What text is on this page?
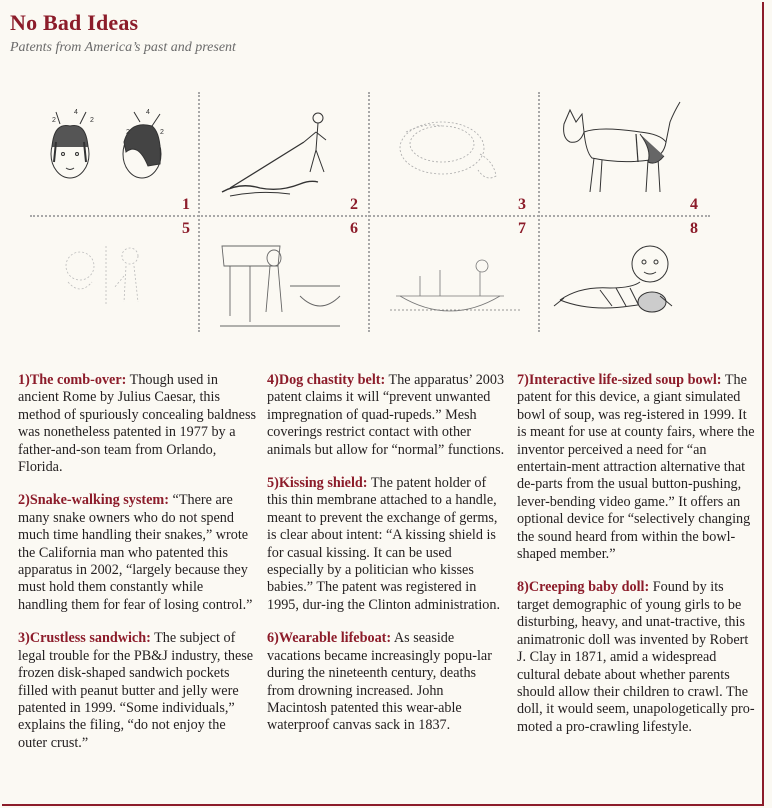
No Bad Ideas
Patents from America’s past and present
2
4
2
2
4
2
1	2	3	4
5	6	7	8

1)The comb-over: Though used in ancient Rome by Julius Caesar, this method of spuriously concealing baldness was nonetheless patented in 1977 by a father-and-son team from Orlando, Florida.

2)Snake-walking system: “There are many snake owners who do not spend much time handling their snakes,” wrote the California man who patented this apparatus in 2002, “largely because they must hold them constantly while handling them for fear of losing control.”

3)Crustless sandwich: The subject of legal trouble for the PB&J industry, these frozen disk-shaped sandwich pockets filled with peanut butter and jelly were patented in 1999. “Some individuals,” explains the filing, “do not enjoy the outer crust.”

4)Dog chastity belt: The apparatus’ 2003 patent claims it will “prevent unwanted impregnation of quad-rupeds.” Mesh coverings restrict contact with other animals but allow for “normal” functions.

5)Kissing shield: The patent holder of this thin membrane attached to a handle, meant to prevent the exchange of germs, is clear about intent: “A kissing shield is for casual kissing. It can be used especially by a politician who kisses babies.” The patent was registered in 1995, dur-ing the Clinton administration.

6)Wearable lifeboat: As seaside vacations became increasingly popu-lar during the nineteenth century, deaths from drowning increased. John Macintosh patented this wear-able waterproof canvas sack in 1837.

7)Interactive life-sized soup bowl: The patent for this device, a giant simulated bowl of soup, was reg-istered in 1999. It is meant for use at county fairs, where the inventor perceived a need for “an entertain-ment attraction alternative that de-parts from the usual button-pushing, lever-bending video game.” It offers an optional device for “selectively changing the sound heard from within the bowl-shaped member.”

8)Creeping baby doll: Found by its target demographic of young girls to be disturbing, heavy, and unat-tractive, this animatronic doll was invented by Robert J. Clay in 1871, amid a widespread cultural debate about whether parents should allow their children to crawl. The doll, it would seem, unapologetically pro-moted a pro-crawling lifestyle.
